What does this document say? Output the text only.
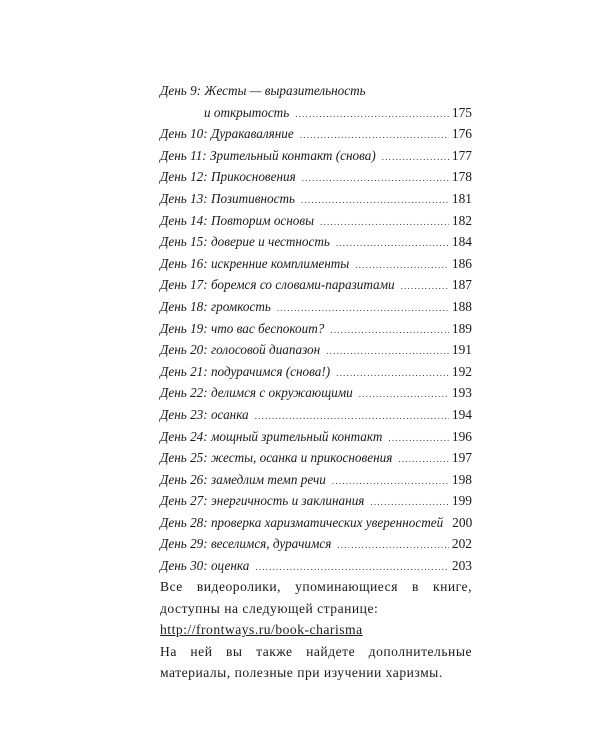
День 9: Жесты — выразительность
и открытость .....	175
День 10: Дуракаваляние .....	176
День 11: Зрительный контакт (снова) .....	177
День 12: Прикосновения .....	178
День 13: Позитивность .....	181
День 14: Повторим основы .....	182
День 15: доверие и честность .....	184
День 16: искренние комплименты .....	186
День 17: боремся со словами-паразитами .....	187
День 18: громкость .....	188
День 19: что вас беспокоит? .....	189
День 20: голосовой диапазон .....	191
День 21: подурачимся (снова!) .....	192
День 22: делимся с окружающими .....	193
День 23: осанка .....	194
День 24: мощный зрительный контакт .....	196
День 25: жесты, осанка и прикосновения .....	197
День 26: замедлим темп речи .....	198
День 27: энергичность и заклинания .....	199
День 28: проверка харизматических уверенностей 200
День 29: веселимся, дурачимся .....	202
День 30: оценка .....	203

Все видеоролики, упоминающиеся в книге, доступны на следующей странице:

http://frontways.ru/book-charisma

На ней вы также найдете дополнительные материалы, полезные при изучении харизмы.
